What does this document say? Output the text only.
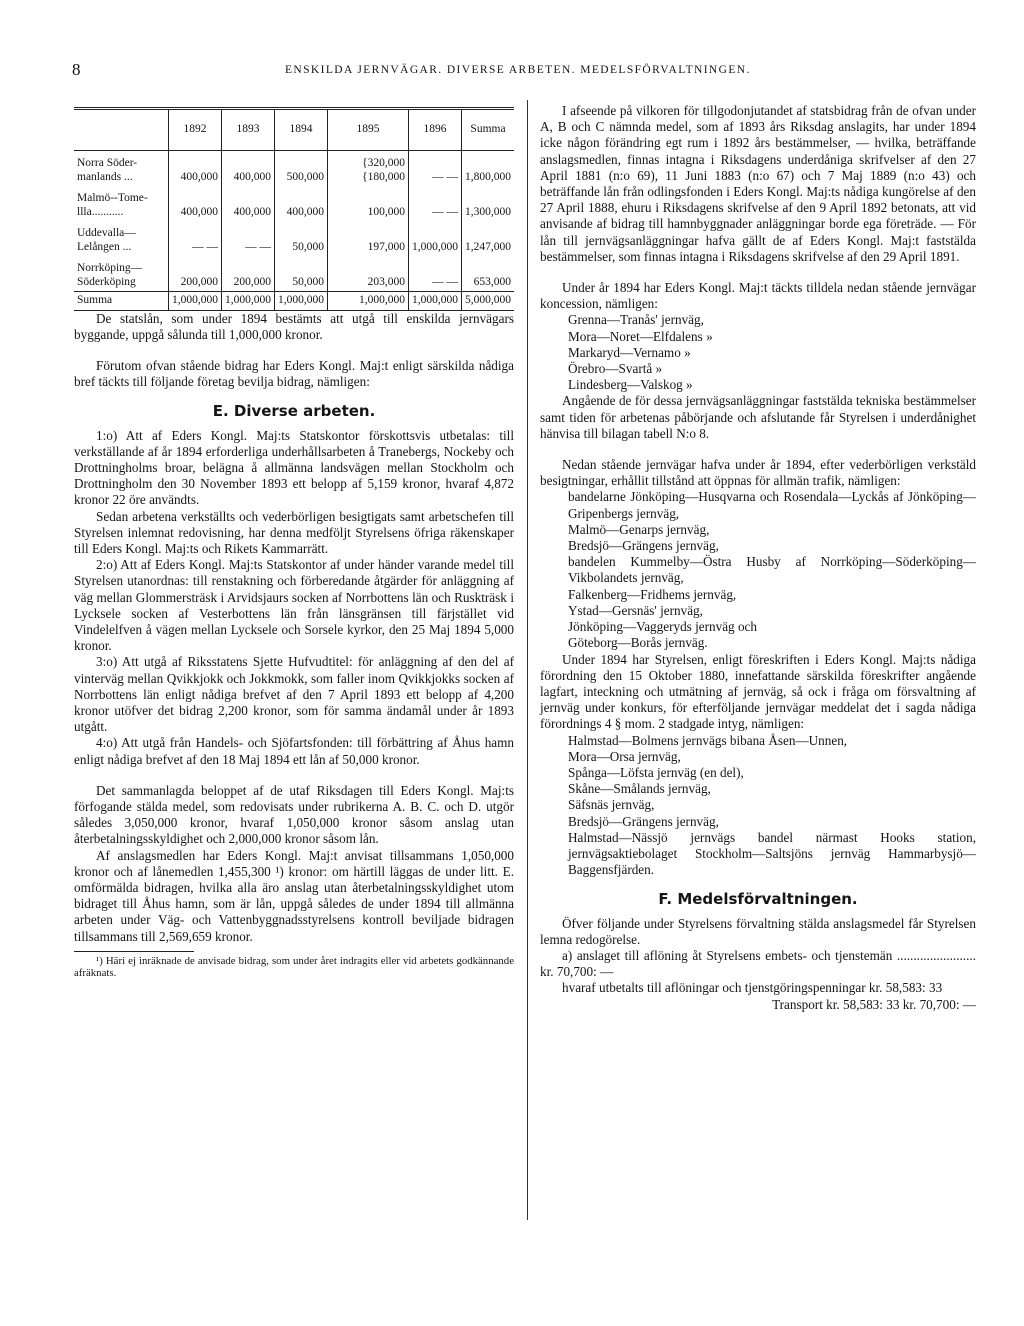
8	ENSKILDA JERNVÄGAR. DIVERSE ARBETEN. MEDELSFÖRVALTNINGEN.
	1892	1893	1894	1895	1896	Summa
Norra Söder-manlands ...	400,000	400,000	500,000	{320,000 {180,000	— —	1,800,000
Malmö--Tome-llla...........	400,000	400,000	400,000	100,000	— —	1,300,000
Uddevalla— Lelången ...	— —	— —	50,000	197,000	1,000,000	1,247,000
Norrköping— Söderköping	200,000	200,000	50,000	203,000	— —	653,000
Summa	1,000,000	1,000,000	1,000,000	1,000,000	1,000,000	5,000,000

De statslån, som under 1894 bestämts att utgå till enskilda jernvägars byggande, uppgå sålunda till 1,000,000 kronor.

Förutom ofvan stående bidrag har Eders Kongl. Maj:t enligt särskilda nådiga bref täckts till följande företag bevilja bidrag, nämligen:

E. Diverse arbeten.

1:o) Att af Eders Kongl. Maj:ts Statskontor förskottsvis utbetalas: till verkställande af år 1894 erforderliga underhållsarbeten å Tranebergs, Nockeby och Drottningholms broar, belägna å allmänna landsvägen mellan Stockholm och Drottningholm den 30 November 1893 ett belopp af 5,159 kronor, hvaraf 4,872 kronor 22 öre användts.

Sedan arbetena verkställts och vederbörligen besigtigats samt arbetschefen till Styrelsen inlemnat redovisning, har denna medföljt Styrelsens öfriga räkenskaper till Eders Kongl. Maj:ts och Rikets Kammarrätt.

2:o) Att af Eders Kongl. Maj:ts Statskontor af under händer varande medel till Styrelsen utanordnas: till renstakning och förberedande åtgärder för anläggning af väg mellan Glommersträsk i Arvidsjaurs socken af Norrbottens län och Ruskträsk i Lycksele socken af Vesterbottens län från länsgränsen till färjstället vid Vindelelfven å vägen mellan Lycksele och Sorsele kyrkor, den 25 Maj 1894 5,000 kronor.

3:o) Att utgå af Riksstatens Sjette Hufvudtitel: för anläggning af den del af vinterväg mellan Qvikkjokk och Jokkmokk, som faller inom Qvikkjokks socken af Norrbottens län enligt nådiga brefvet af den 7 April 1893 ett belopp af 4,200 kronor utöfver det bidrag 2,200 kronor, som för samma ändamål under år 1893 utgått.

4:o) Att utgå från Handels- och Sjöfartsfonden: till förbättring af Åhus hamn enligt nådiga brefvet af den 18 Maj 1894 ett lån af 50,000 kronor.

Det sammanlagda beloppet af de utaf Riksdagen till Eders Kongl. Maj:ts förfogande stälda medel, som redovisats under rubrikerna A. B. C. och D. utgör således 3,050,000 kronor, hvaraf 1,050,000 kronor såsom anslag utan återbetalningsskyldighet och 2,000,000 kronor såsom lån.

Af anslagsmedlen har Eders Kongl. Maj:t anvisat tillsammans 1,050,000 kronor och af lånemedlen 1,455,300 ¹) kronor: om härtill läggas de under litt. E. omförmälda bidragen, hvilka alla äro anslag utan återbetalningsskyldighet utom bidraget till Åhus hamn, som är lån, uppgå således de under 1894 till allmänna arbeten under Väg- och Vattenbyggnadsstyrelsens kontroll beviljade bidragen tillsammans till 2,569,659 kronor.

¹) Häri ej inräknade de anvisade bidrag, som under året indragits eller vid arbetets godkännande afräknats.

I afseende på vilkoren för tillgodonjutandet af statsbidrag från de ofvan under A, B och C nämnda medel, som af 1893 års Riksdag anslagits, har under 1894 icke någon förändring egt rum i 1892 års bestämmelser, — hvilka, beträffande anslagsmedlen, finnas intagna i Riksdagens underdåniga skrifvelser af den 27 April 1881 (n:o 69), 11 Juni 1883 (n:o 67) och 7 Maj 1889 (n:o 43) och beträffande lån från odlingsfonden i Eders Kongl. Maj:ts nådiga kungörelse af den 27 April 1888, ehuru i Riksdagens skrifvelse af den 9 April 1892 betonats, att vid anvisande af bidrag till hamnbyggnader anläggningar borde ega företräde. — För lån till jernvägsanläggningar hafva gällt de af Eders Kongl. Maj:t faststälda bestämmelser, som finnas intagna i Riksdagens skrifvelse af den 29 April 1891.

Under år 1894 har Eders Kongl. Maj:t täckts tilldela nedan stående jernvägar koncession, nämligen:

Grenna—Tranås' jernväg,
Mora—Noret—Elfdalens »
Markaryd—Vernamo »
Örebro—Svartå »
Lindesberg—Valskog »

Angående de för dessa jernvägsanläggningar faststälda tekniska bestämmelser samt tiden för arbetenas påbörjande och afslutande får Styrelsen i underdånighet hänvisa till bilagan tabell N:o 8.

Nedan stående jernvägar hafva under år 1894, efter vederbörligen verkstäld besigtningar, erhållit tillstånd att öppnas för allmän trafik, nämligen:

bandelarne Jönköping—Husqvarna och Rosendala—Lyckås af Jönköping—Gripenbergs jernväg,
Malmö—Genarps jernväg,
Bredsjö—Grängens jernväg,
bandelen Kummelby—Östra Husby af Norrköping—Söderköping—Vikbolandets jernväg,
Falkenberg—Fridhems jernväg,
Ystad—Gersnäs' jernväg,
Jönköping—Vaggeryds jernväg och
Göteborg—Borås jernväg.

Under 1894 har Styrelsen, enligt föreskriften i Eders Kongl. Maj:ts nådiga förordning den 15 Oktober 1880, innefattande särskilda föreskrifter angående lagfart, inteckning och utmätning af jernväg, så ock i fråga om försvaltning af jernväg under konkurs, för efterföljande jernvägar meddelat det i sagda nådiga förordnings 4 § mom. 2 stadgade intyg, nämligen:

Halmstad—Bolmens jernvägs bibana Åsen—Unnen,
Mora—Orsa jernväg,
Spånga—Löfsta jernväg (en del),
Skåne—Smålands jernväg,
Säfsnäs jernväg,
Bredsjö—Grängens jernväg,
Halmstad—Nässjö jernvägs bandel närmast Hooks station, jernvägsaktiebolaget Stockholm—Saltsjöns jernväg Hammarbysjö—Baggensfjärden.
F. Medelsförvaltningen.

Öfver följande under Styrelsens förvaltning stälda anslagsmedel får Styrelsen lemna redogörelse.

a) anslaget till aflöning åt Styrelsens embets- och tjenstemän ........................ kr. 70,700: —

hvaraf utbetalts till aflöningar och tjenstgöringspenningar kr. 58,583: 33

Transport kr. 58,583: 33 kr. 70,700: —
